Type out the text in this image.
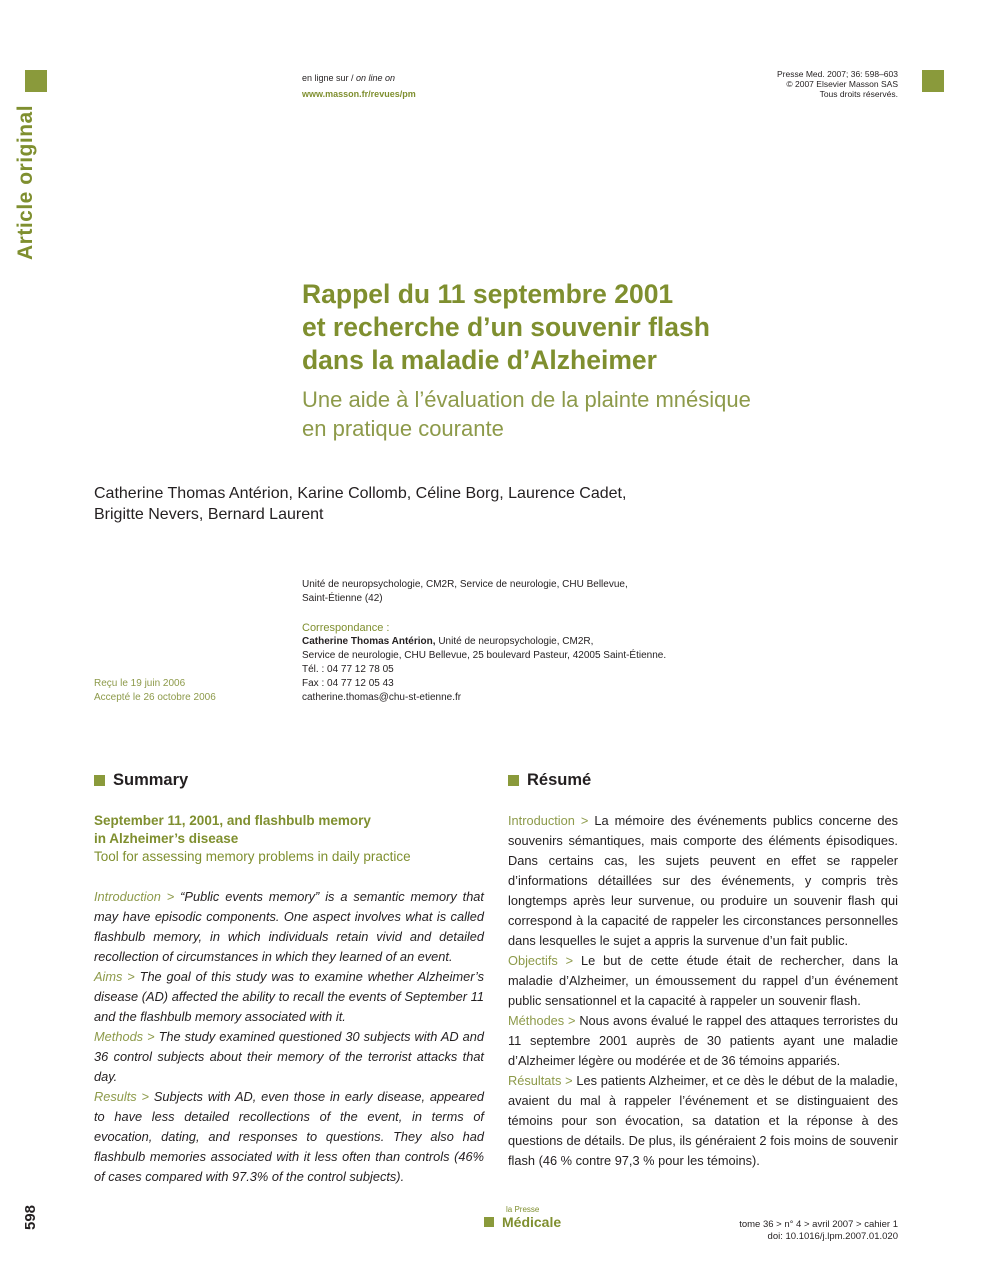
Article original
en ligne sur / on line on
www.masson.fr/revues/pm
Presse Med. 2007; 36: 598–603
© 2007 Elsevier Masson SAS
Tous droits réservés.
Rappel du 11 septembre 2001
et recherche d’un souvenir flash
dans la maladie d’Alzheimer
Une aide à l’évaluation de la plainte mnésique
en pratique courante
Catherine Thomas Antérion, Karine Collomb, Céline Borg, Laurence Cadet,
Brigitte Nevers, Bernard Laurent
Unité de neuropsychologie, CM2R, Service de neurologie, CHU Bellevue,
Saint-Étienne (42)
Correspondance :
Catherine Thomas Antérion, Unité de neuropsychologie, CM2R,
Service de neurologie, CHU Bellevue, 25 boulevard Pasteur, 42005 Saint-Étienne.
Tél. : 04 77 12 78 05
Fax : 04 77 12 05 43
catherine.thomas@chu-st-etienne.fr
Reçu le 19 juin 2006
Accepté le 26 octobre 2006
Summary
September 11, 2001, and flashbulb memory
in Alzheimer’s disease
Tool for assessing memory problems in daily practice

Introduction > “Public events memory” is a semantic memory that may have episodic components. One aspect involves what is called flashbulb memory, in which individuals retain vivid and detailed recollection of circumstances in which they learned of an event.

Aims > The goal of this study was to examine whether Alzheimer’s disease (AD) affected the ability to recall the events of September 11 and the flashbulb memory associated with it.

Methods > The study examined questioned 30 subjects with AD and 36 control subjects about their memory of the terrorist attacks that day.

Results > Subjects with AD, even those in early disease, appeared to have less detailed recollections of the event, in terms of evocation, dating, and responses to questions. They also had flashbulb memories associated with it less often than controls (46% of cases compared with 97.3% of the control subjects).

Résumé

Introduction > La mémoire des événements publics concerne des souvenirs sémantiques, mais comporte des éléments épisodiques. Dans certains cas, les sujets peuvent en effet se rappeler d’informations détaillées sur des événements, y compris très longtemps après leur survenue, ou produire un souvenir flash qui correspond à la capacité de rappeler les circonstances personnelles dans lesquelles le sujet a appris la survenue d’un fait public.

Objectifs > Le but de cette étude était de rechercher, dans la maladie d’Alzheimer, un émoussement du rappel d’un événement public sensationnel et la capacité à rappeler un souvenir flash.

Méthodes > Nous avons évalué le rappel des attaques terroristes du 11 septembre 2001 auprès de 30 patients ayant une maladie d’Alzheimer légère ou modérée et de 36 témoins appariés.

Résultats > Les patients Alzheimer, et ce dès le début de la maladie, avaient du mal à rappeler l’événement et se distinguaient des témoins pour son évocation, sa datation et la réponse à des questions de détails. De plus, ils généraient 2 fois moins de souvenir flash (46 % contre 97,3 % pour les témoins).

598	la Presse
Médicale	tome 36 > n° 4 > avril 2007 > cahier 1
doi: 10.1016/j.lpm.2007.01.020
